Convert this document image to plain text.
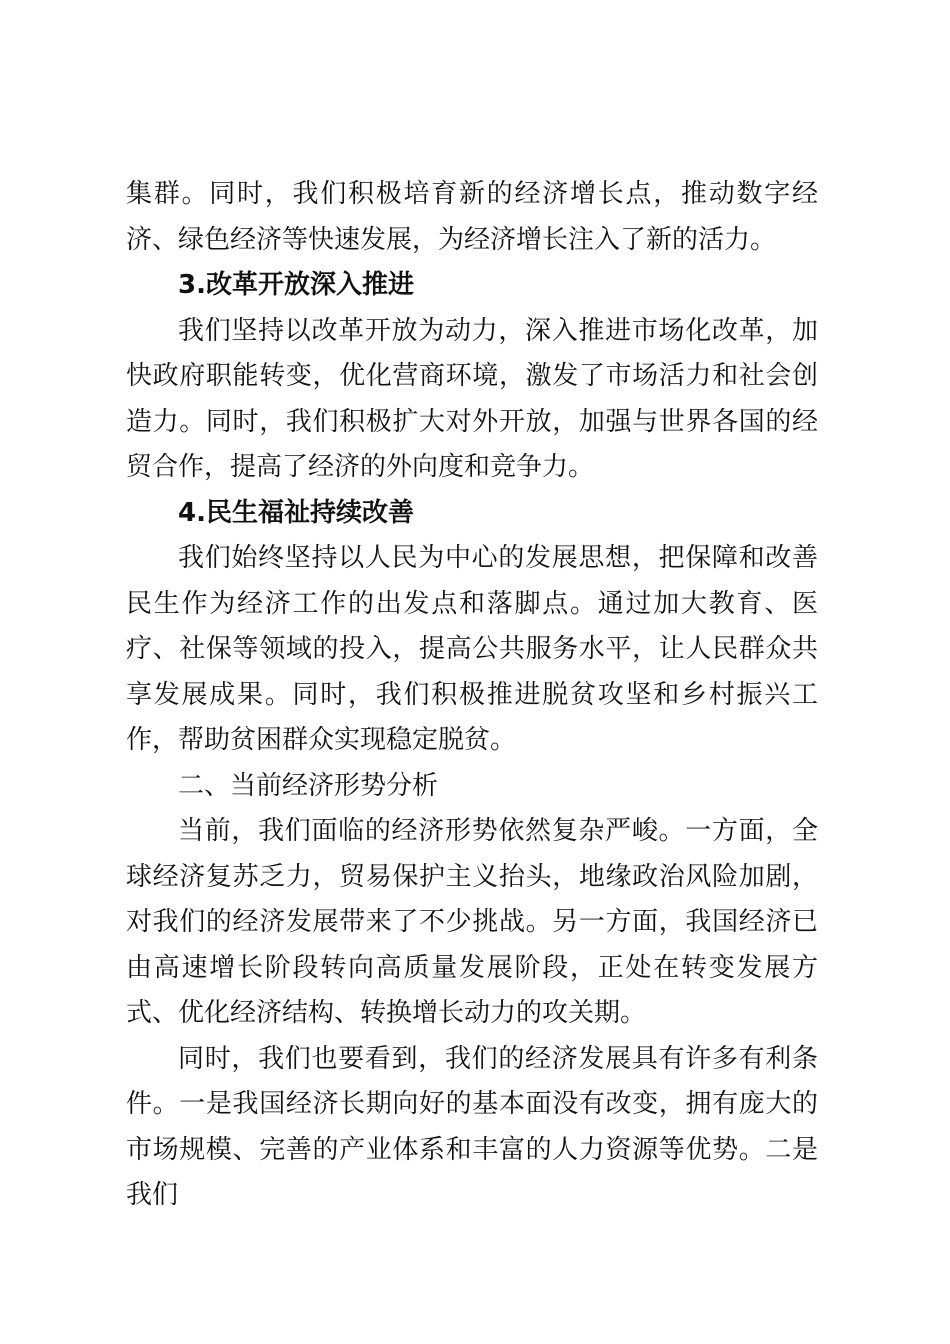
集群。同时，我们积极培育新的经济增长点，推动数字经济、绿色经济等快速发展，为经济增长注入了新的活力。

3.改革开放深入推进

我们坚持以改革开放为动力，深入推进市场化改革，加快政府职能转变，优化营商环境，激发了市场活力和社会创造力。同时，我们积极扩大对外开放，加强与世界各国的经贸合作，提高了经济的外向度和竞争力。

4.民生福祉持续改善

我们始终坚持以人民为中心的发展思想，把保障和改善民生作为经济工作的出发点和落脚点。通过加大教育、医疗、社保等领域的投入，提高公共服务水平，让人民群众共享发展成果。同时，我们积极推进脱贫攻坚和乡村振兴工作，帮助贫困群众实现稳定脱贫。

二、当前经济形势分析

当前，我们面临的经济形势依然复杂严峻。一方面，全球经济复苏乏力，贸易保护主义抬头，地缘政治风险加剧，对我们的经济发展带来了不少挑战。另一方面，我国经济已由高速增长阶段转向高质量发展阶段，正处在转变发展方式、优化经济结构、转换增长动力的攻关期。

同时，我们也要看到，我们的经济发展具有许多有利条件。一是我国经济长期向好的基本面没有改变，拥有庞大的市场规模、完善的产业体系和丰富的人力资源等优势。二是我们
